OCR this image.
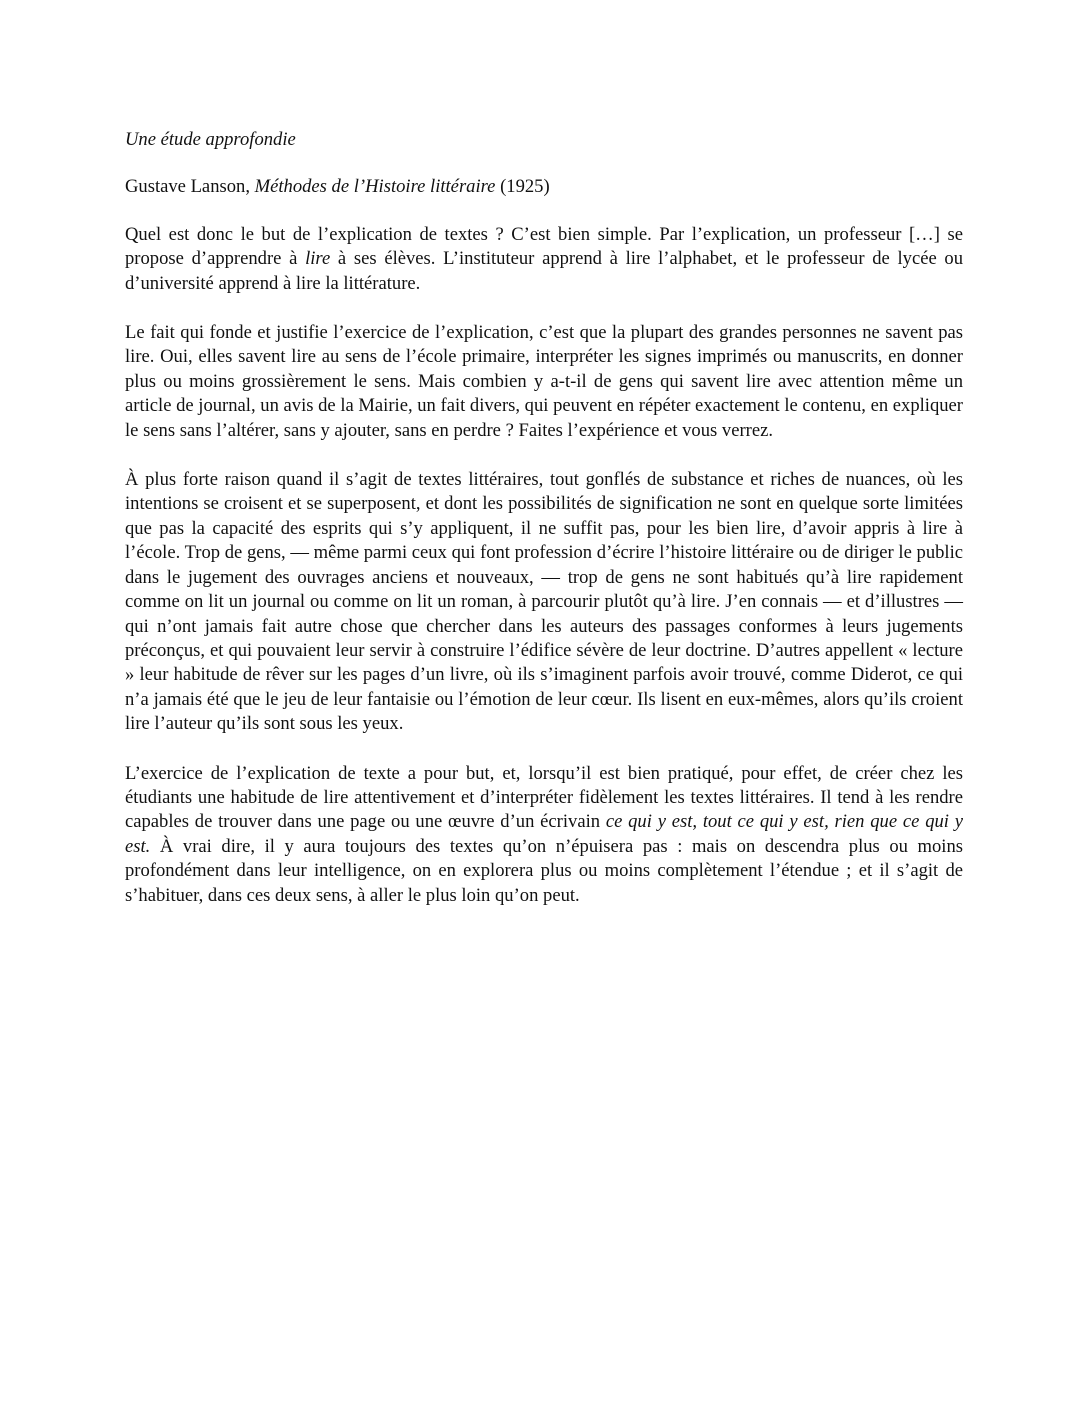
Une étude approfondie
Gustave Lanson, Méthodes de l’Histoire littéraire (1925)

Quel est donc le but de l’explication de textes ? C’est bien simple. Par l’explication, un professeur […] se propose d’apprendre à lire à ses élèves. L’instituteur apprend à lire l’alphabet, et le professeur de lycée ou d’université apprend à lire la littérature.

Le fait qui fonde et justifie l’exercice de l’explication, c’est que la plupart des grandes personnes ne savent pas lire. Oui, elles savent lire au sens de l’école primaire, interpréter les signes imprimés ou manuscrits, en donner plus ou moins grossièrement le sens. Mais combien y a-t-il de gens qui savent lire avec attention même un article de journal, un avis de la Mairie, un fait divers, qui peuvent en répéter exactement le contenu, en expliquer le sens sans l’altérer, sans y ajouter, sans en perdre ? Faites l’expérience et vous verrez.

À plus forte raison quand il s’agit de textes littéraires, tout gonflés de substance et riches de nuances, où les intentions se croisent et se superposent, et dont les possibilités de signification ne sont en quelque sorte limitées que pas la capacité des esprits qui s’y appliquent, il ne suffit pas, pour les bien lire, d’avoir appris à lire à l’école. Trop de gens, — même parmi ceux qui font profession d’écrire l’histoire littéraire ou de diriger le public dans le jugement des ouvrages anciens et nouveaux, — trop de gens ne sont habitués qu’à lire rapidement comme on lit un journal ou comme on lit un roman, à parcourir plutôt qu’à lire. J’en connais — et d’illustres — qui n’ont jamais fait autre chose que chercher dans les auteurs des passages conformes à leurs jugements préconçus, et qui pouvaient leur servir à construire l’édifice sévère de leur doctrine. D’autres appellent « lecture » leur habitude de rêver sur les pages d’un livre, où ils s’imaginent parfois avoir trouvé, comme Diderot, ce qui n’a jamais été que le jeu de leur fantaisie ou l’émotion de leur cœur. Ils lisent en eux-mêmes, alors qu’ils croient lire l’auteur qu’ils sont sous les yeux.

L’exercice de l’explication de texte a pour but, et, lorsqu’il est bien pratiqué, pour effet, de créer chez les étudiants une habitude de lire attentivement et d’interpréter fidèlement les textes littéraires. Il tend à les rendre capables de trouver dans une page ou une œuvre d’un écrivain ce qui y est, tout ce qui y est, rien que ce qui y est. À vrai dire, il y aura toujours des textes qu’on n’épuisera pas : mais on descendra plus ou moins profondément dans leur intelligence, on en explorera plus ou moins complètement l’étendue ; et il s’agit de s’habituer, dans ces deux sens, à aller le plus loin qu’on peut.
